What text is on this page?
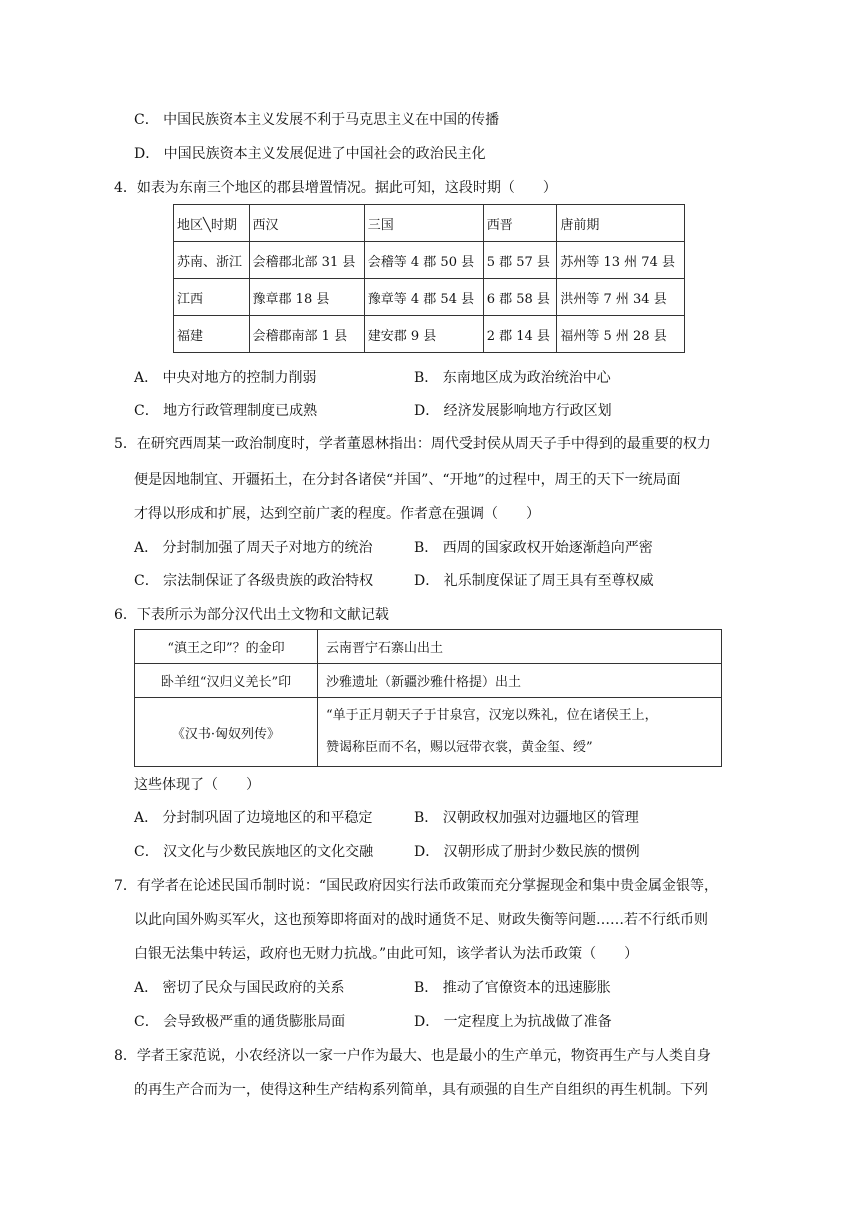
C． 中国民族资本主义发展不利于马克思主义在中国的传播
D． 中国民族资本主义发展促进了中国社会的政治民主化
4．如表为东南三个地区的郡县增置情况。据此可知，这段时期（　　）
地区╲时期	西汉	三国	西晋	唐前期
苏南、浙江	会稽郡北部 31 县	会稽等 4 郡 50 县	5 郡 57 县	苏州等 13 州 74 县
江西	豫章郡 18 县	豫章等 4 郡 54 县	6 郡 58 县	洪州等 7 州 34 县
福建	会稽郡南部 1 县	建安郡 9 县	2 郡 14 县	福州等 5 州 28 县
A． 中央对地方的控制力削弱	B． 东南地区成为政治统治中心
C． 地方行政管理制度已成熟	D． 经济发展影响地方行政区划
5．在研究西周某一政治制度时，学者董恩林指出：周代受封侯从周天子手中得到的最重要的权力
便是因地制宜、开疆拓土，在分封各诸侯“并国”、“开地”的过程中，周王的天下一统局面
才得以形成和扩展，达到空前广袤的程度。作者意在强调（　　）
A． 分封制加强了周天子对地方的统治	B． 西周的国家政权开始逐渐趋向严密
C． 宗法制保证了各级贵族的政治特权	D． 礼乐制度保证了周王具有至尊权威
6．下表所示为部分汉代出土文物和文献记载
“滇王之印”？的金印	云南晋宁石寨山出土
卧羊纽“汉归义羌长”印	沙雅遗址（新疆沙雅什格提）出土
《汉书·匈奴列传》	“单于正月朝天子于甘泉宫，汉宠以殊礼，位在诸侯王上，
赞谒称臣而不名，赐以冠带衣裳，黄金玺、绶”
这些体现了（　　）
A． 分封制巩固了边境地区的和平稳定	B． 汉朝政权加强对边疆地区的管理
C． 汉文化与少数民族地区的文化交融	D． 汉朝形成了册封少数民族的惯例
7．有学者在论述民国币制时说：“国民政府因实行法币政策而充分掌握现金和集中贵金属金银等，
以此向国外购买军火，这也预筹即将面对的战时通货不足、财政失衡等问题……若不行纸币则
白银无法集中转运，政府也无财力抗战。”由此可知，该学者认为法币政策（　　）
A． 密切了民众与国民政府的关系	B． 推动了官僚资本的迅速膨胀
C． 会导致极严重的通货膨胀局面	D． 一定程度上为抗战做了准备
8．学者王家范说，小农经济以一家一户作为最大、也是最小的生产单元，物资再生产与人类自身
的再生产合而为一，使得这种生产结构系列简单，具有顽强的自生产自组织的再生机制。下列
